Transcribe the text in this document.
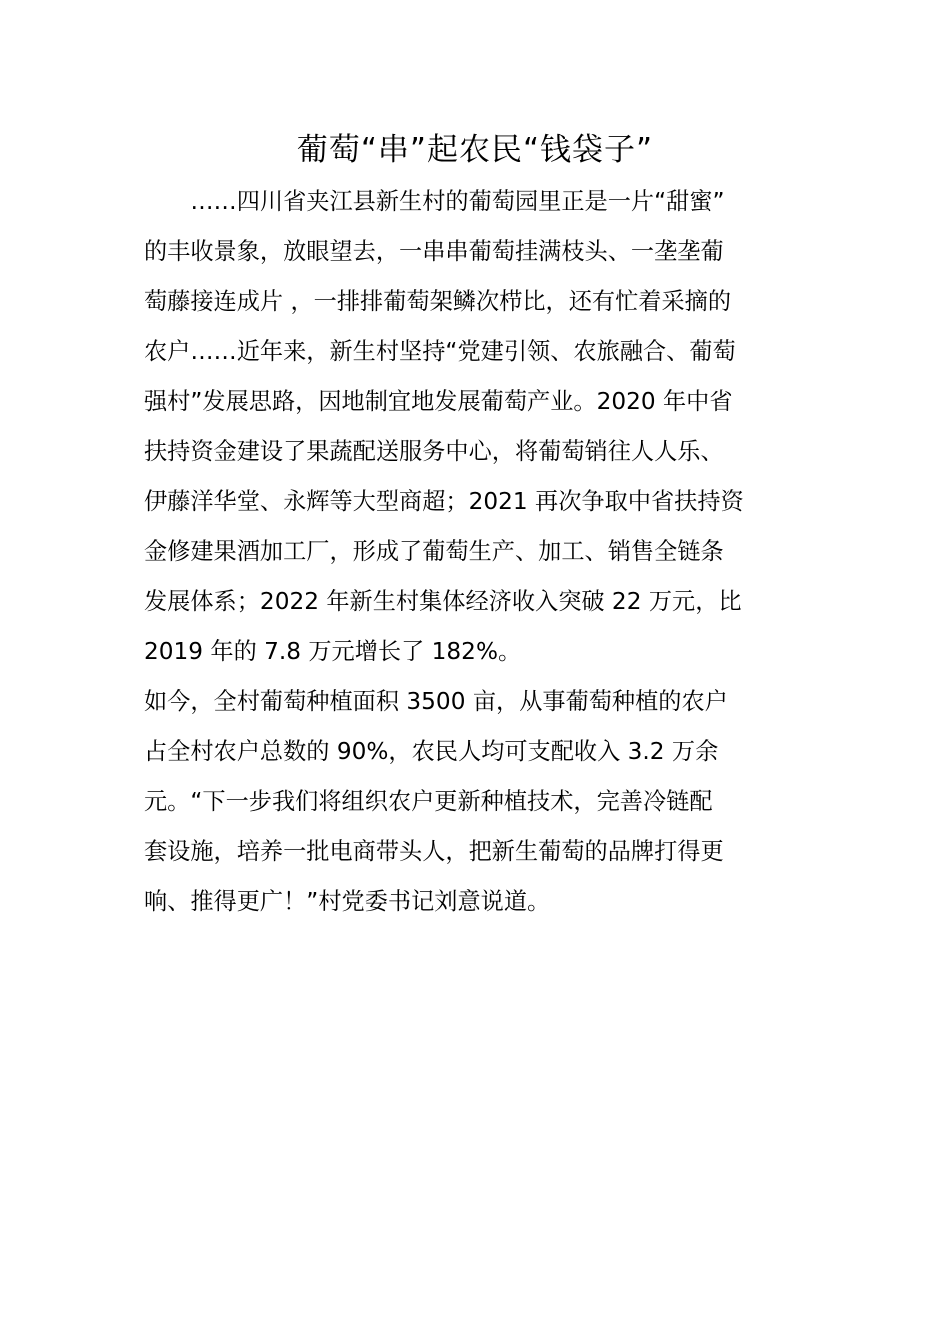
葡萄“串”起农民“钱袋子”
　　……四川省夹江县新生村的葡萄园里正是一片“甜蜜”
的丰收景象，放眼望去，一串串葡萄挂满枝头、一垄垄葡
萄藤接连成片 ，一排排葡萄架鳞次栉比，还有忙着采摘的
农户……近年来，新生村坚持“党建引领、农旅融合、葡萄
强村”发展思路，因地制宜地发展葡萄产业。2020 年中省
扶持资金建设了果蔬配送服务中心，将葡萄销往人人乐、
伊藤洋华堂、永辉等大型商超；2021 再次争取中省扶持资
金修建果酒加工厂，形成了葡萄生产、加工、销售全链条
发展体系；2022 年新生村集体经济收入突破 22 万元，比
2019 年的 7.8 万元增长了 182%。
如今，全村葡萄种植面积 3500 亩，从事葡萄种植的农户
占全村农户总数的 90%，农民人均可支配收入 3.2 万余
元。“下一步我们将组织农户更新种植技术，完善冷链配
套设施，培养一批电商带头人，把新生葡萄的品牌打得更
响、推得更广！”村党委书记刘意说道。
